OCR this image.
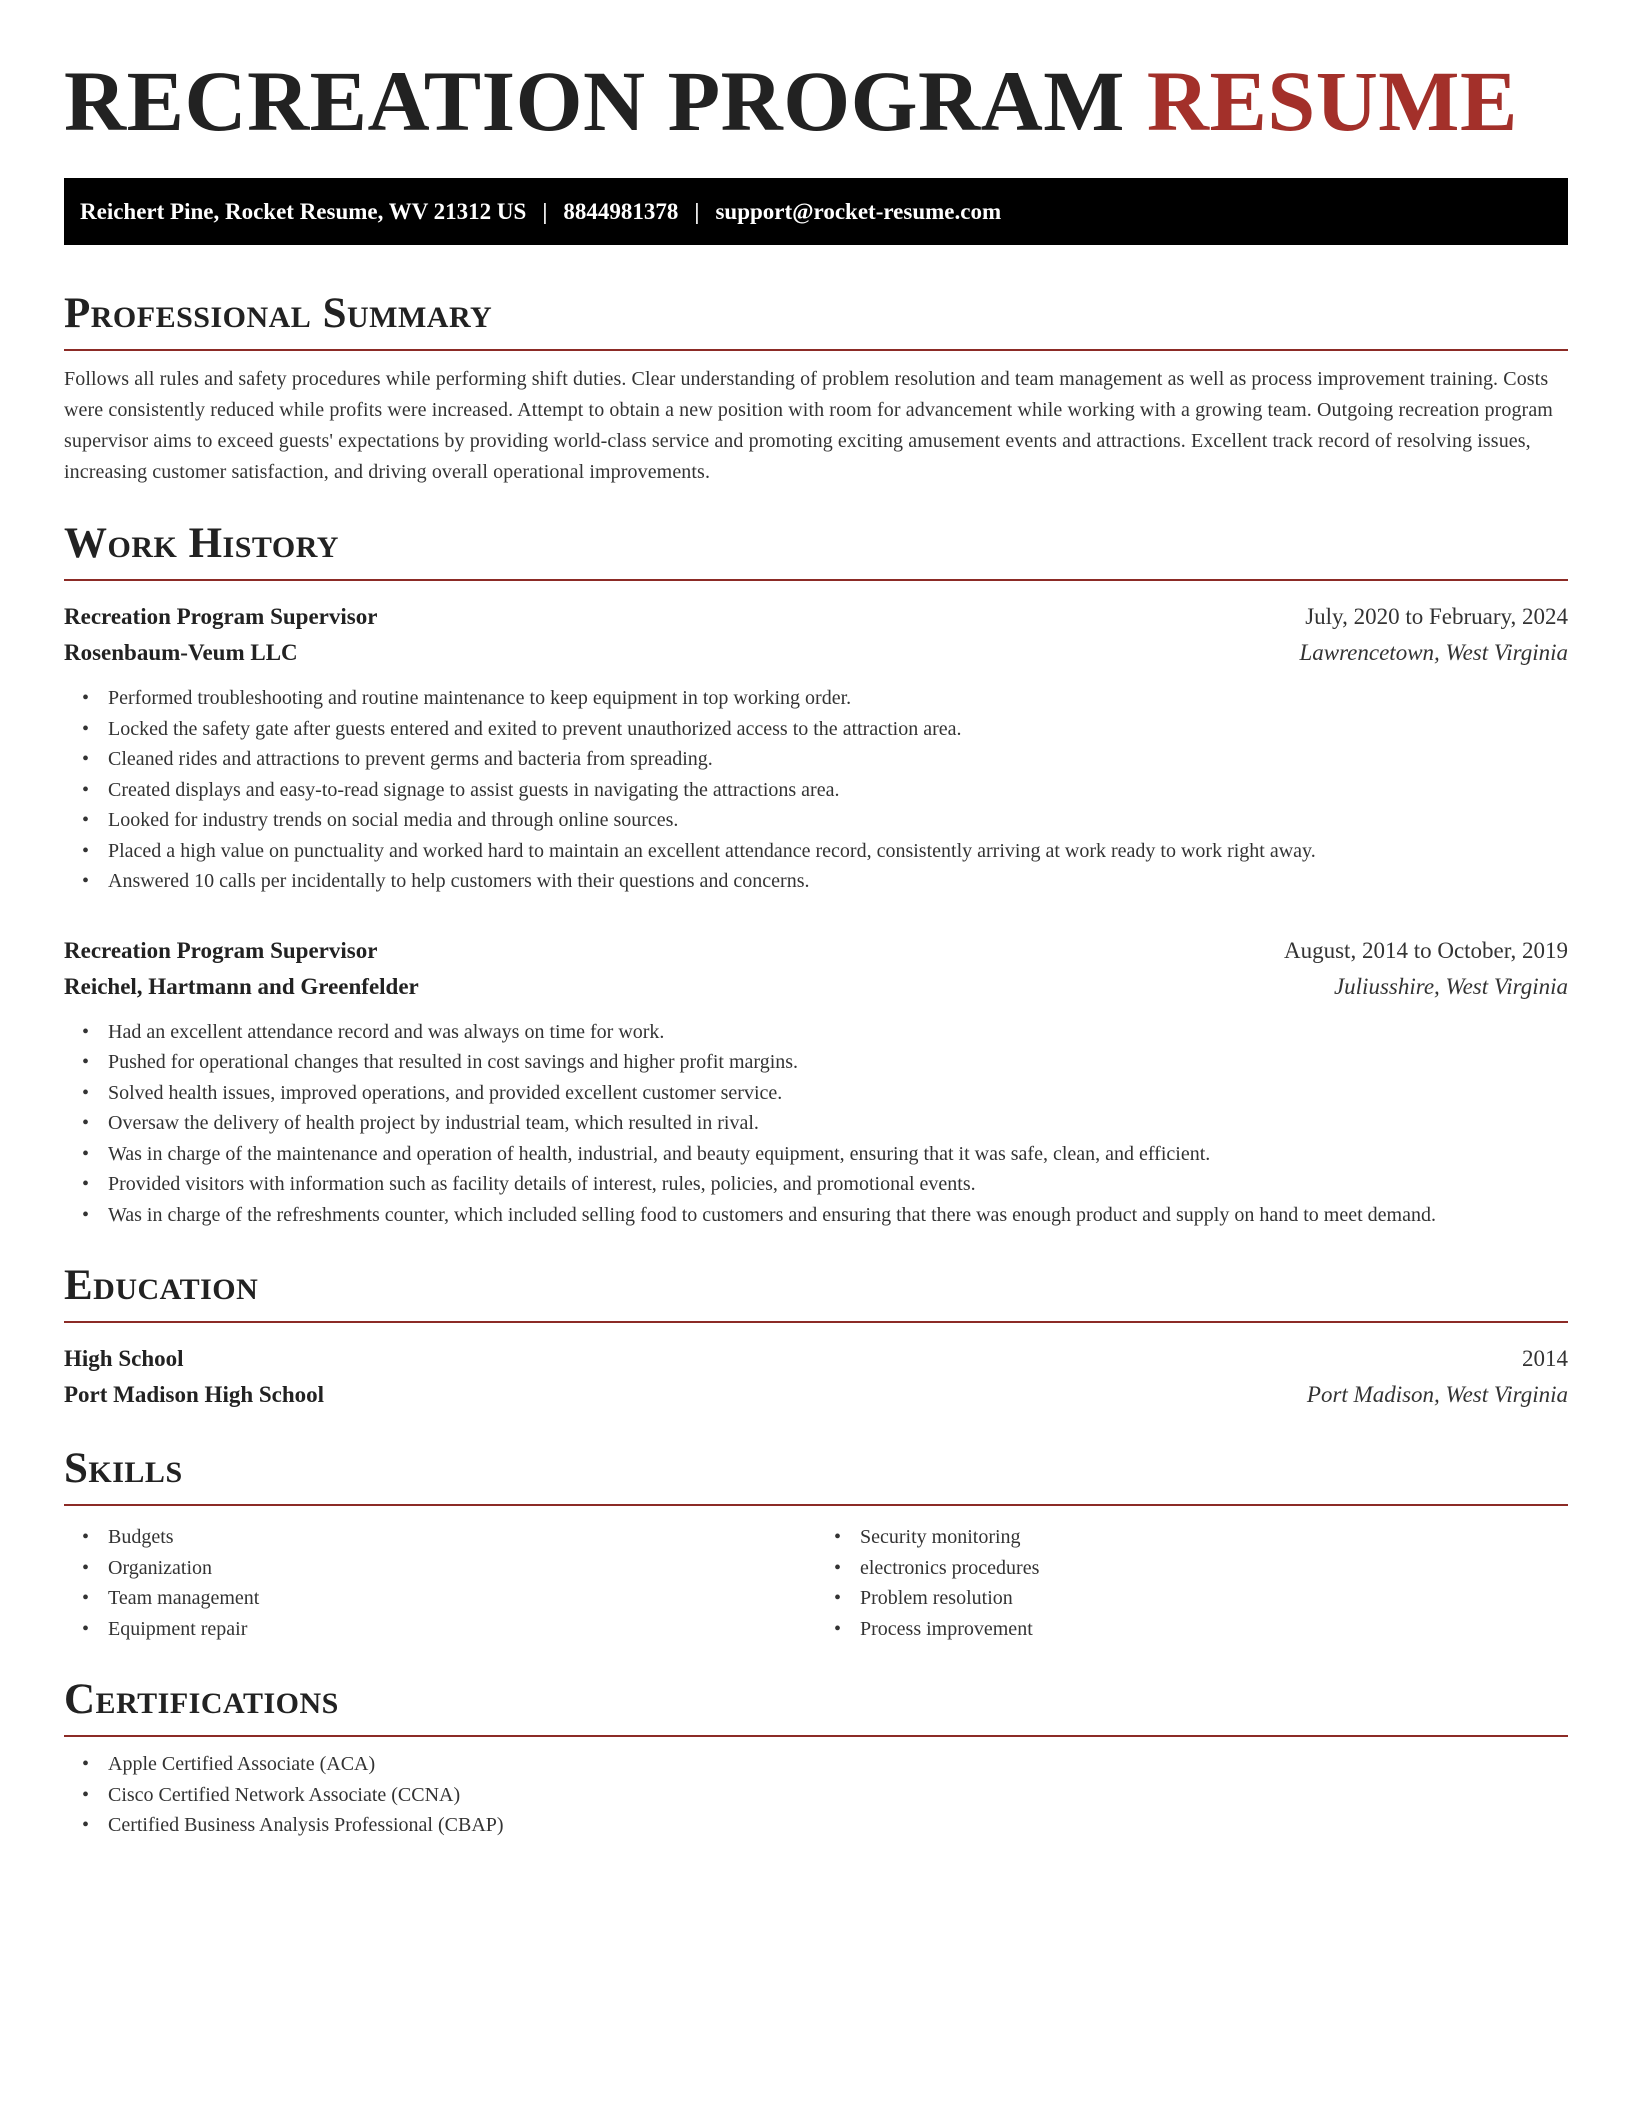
RECREATION PROGRAM RESUME
Reichert Pine, Rocket Resume, WV 21312 US | 8844981378 | support@rocket-resume.com
Professional Summary

Follows all rules and safety procedures while performing shift duties. Clear understanding of problem resolution and team management as well as process improvement training. Costs were consistently reduced while profits were increased. Attempt to obtain a new position with room for advancement while working with a growing team. Outgoing recreation program supervisor aims to exceed guests' expectations by providing world-class service and promoting exciting amusement events and attractions. Excellent track record of resolving issues, increasing customer satisfaction, and driving overall operational improvements.

Work History
Recreation Program Supervisor	July, 2020 to February, 2024
Rosenbaum-Veum LLC	Lawrencetown, West Virginia
• Performed troubleshooting and routine maintenance to keep equipment in top working order.
• Locked the safety gate after guests entered and exited to prevent unauthorized access to the attraction area.
• Cleaned rides and attractions to prevent germs and bacteria from spreading.
• Created displays and easy-to-read signage to assist guests in navigating the attractions area.
• Looked for industry trends on social media and through online sources.
• Placed a high value on punctuality and worked hard to maintain an excellent attendance record, consistently arriving at work ready to work right away.
• Answered 10 calls per incidentally to help customers with their questions and concerns.
Recreation Program Supervisor	August, 2014 to October, 2019
Reichel, Hartmann and Greenfelder	Juliusshire, West Virginia
• Had an excellent attendance record and was always on time for work.
• Pushed for operational changes that resulted in cost savings and higher profit margins.
• Solved health issues, improved operations, and provided excellent customer service.
• Oversaw the delivery of health project by industrial team, which resulted in rival.
• Was in charge of the maintenance and operation of health, industrial, and beauty equipment, ensuring that it was safe, clean, and efficient.
• Provided visitors with information such as facility details of interest, rules, policies, and promotional events.
• Was in charge of the refreshments counter, which included selling food to customers and ensuring that there was enough product and supply on hand to meet demand.
Education
High School	2014
Port Madison High School	Port Madison, West Virginia
Skills
• Budgets
• Organization
• Team management
• Equipment repair
• Security monitoring
• electronics procedures
• Problem resolution
• Process improvement
Certifications
• Apple Certified Associate (ACA)
• Cisco Certified Network Associate (CCNA)
• Certified Business Analysis Professional (CBAP)
